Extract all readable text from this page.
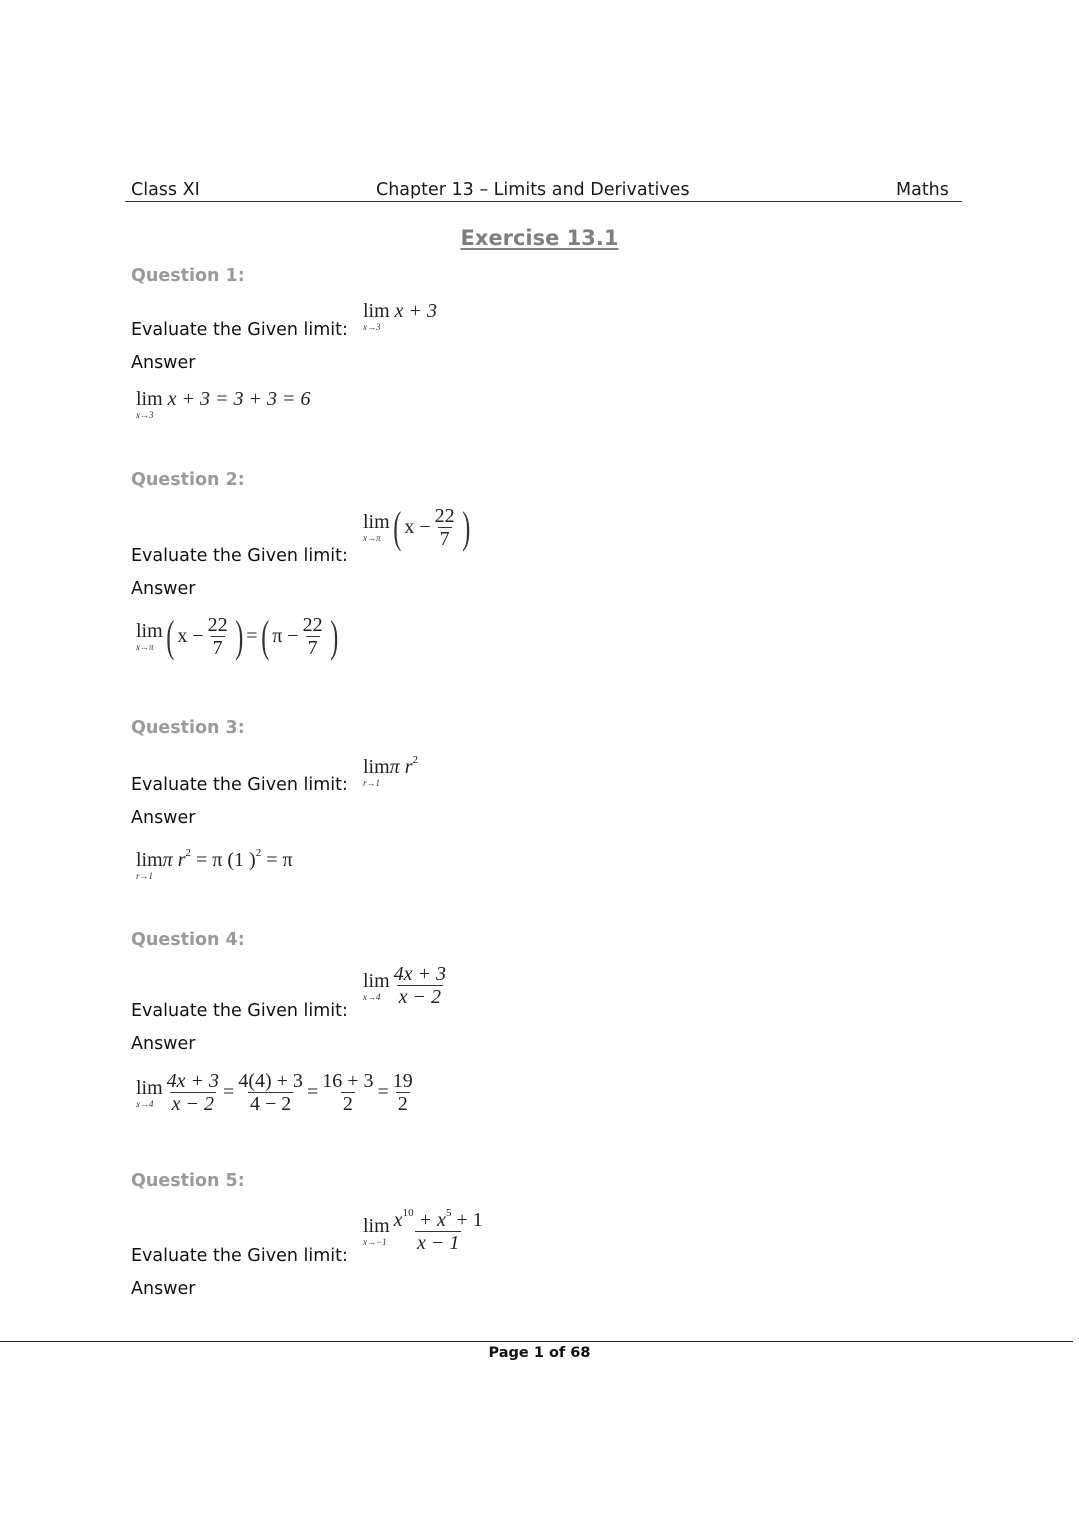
Class XI	Chapter 13 – Limits and Derivatives	Maths
Exercise 13.1
Question 1:
Evaluate the Given limit:
lim
x→3
x + 3
Answer
lim
x→3
x + 3 = 3 + 3 = 6
Question 2:
Evaluate the Given limit:
lim
x→π ( $x - \frac{22}{7}$ )
Answer
lim
x→π ( $x - \frac{22}{7}$ ) = ( $\pi - \frac{22}{7}$ )
Question 3:
Evaluate the Given limit:
lim
r→1
π $r^2$
Answer
lim
r→1
π $r^2 = \pi$ (1 )$^2$ = π
Question 4:
Evaluate the Given limit:
lim
$x\to 4 \frac{4x + 3}{x - 2}$
Answer
lim
$x\to 4 \frac{4x + 3}{x - 2} = \frac{4(4) + 3}{4 - 2} = \frac{16 + 3}{2} = \frac{19}{2}$
Question 5:
Evaluate the Given limit:
lim
$x\to-1 \frac{x^{10} + x^5 + 1}{x - 1}$
Answer
Page 1 of 68
